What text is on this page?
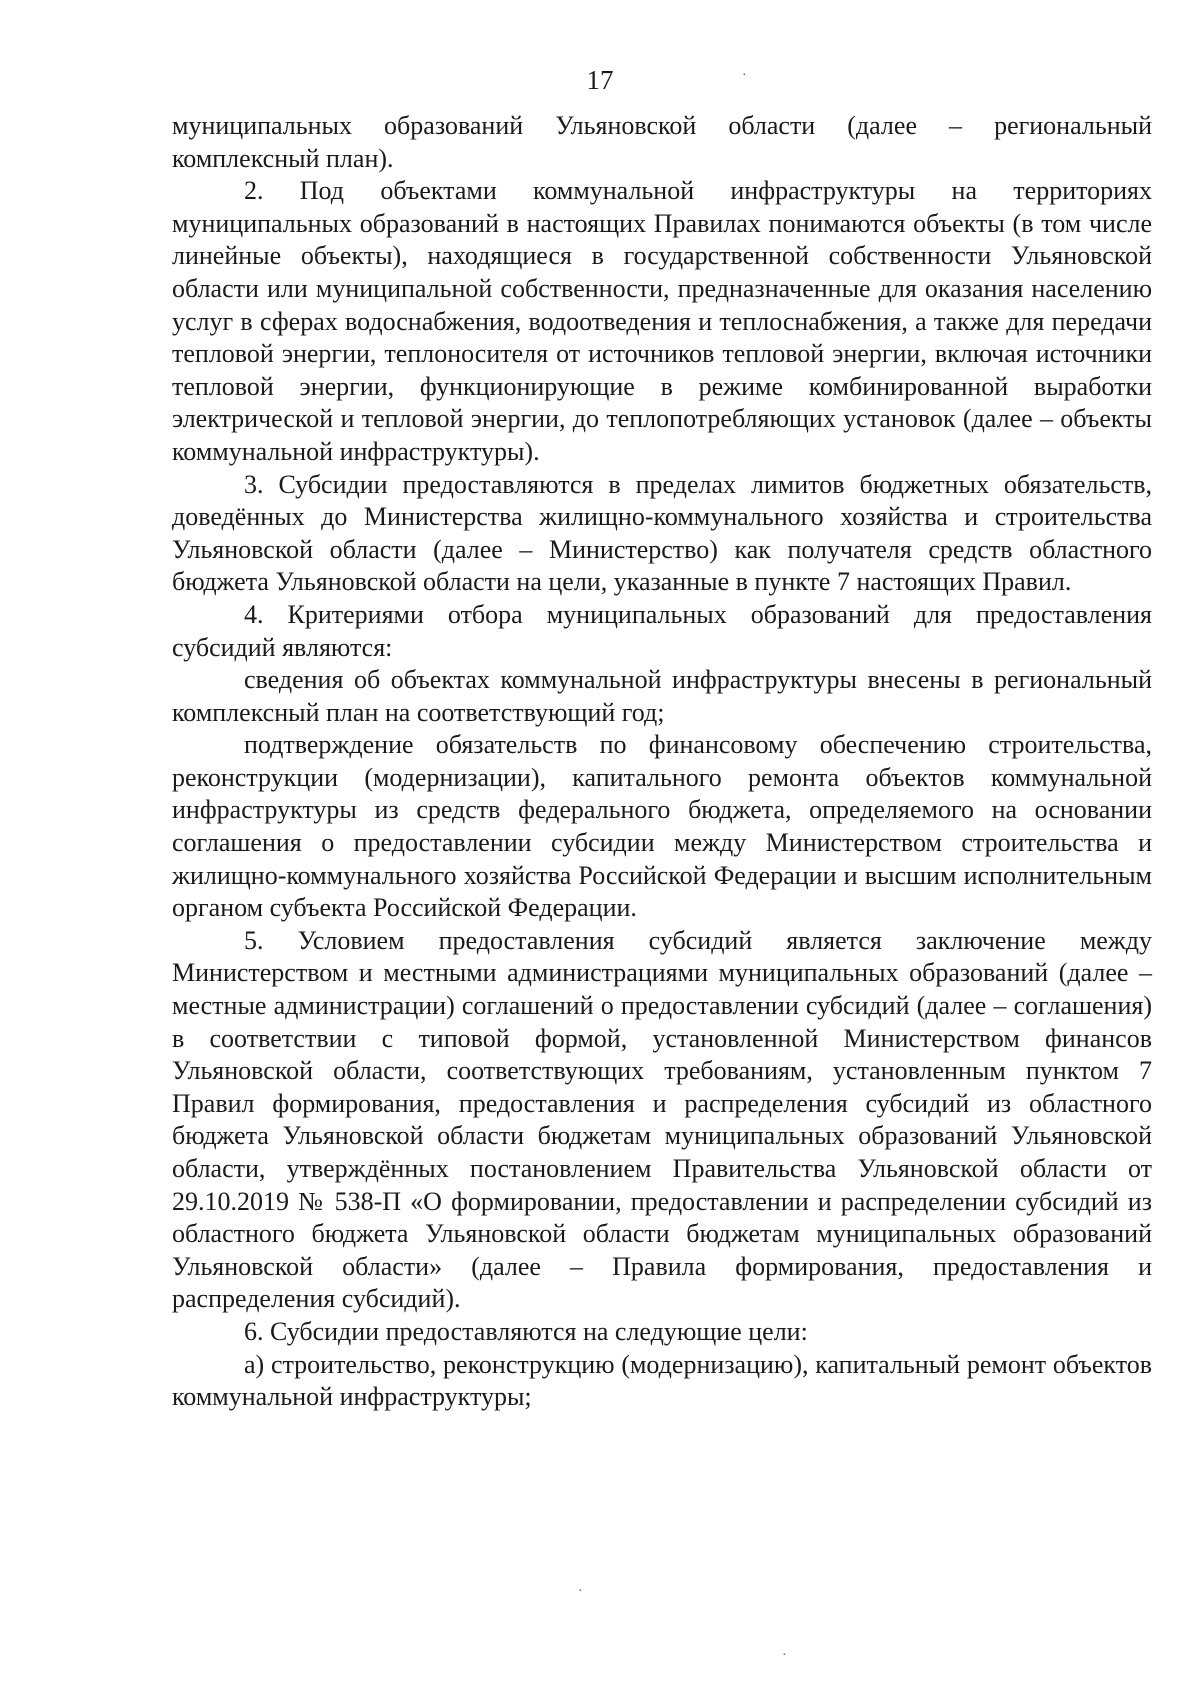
17

муниципальных образований Ульяновской области (далее – региональный комплексный план).

2. Под объектами коммунальной инфраструктуры на территориях муниципальных образований в настоящих Правилах понимаются объекты (в том числе линейные объекты), находящиеся в государственной собственности Ульяновской области или муниципальной собственности, предназначенные для оказания населению услуг в сферах водоснабжения, водоотведения и теплоснабжения, а также для передачи тепловой энергии, теплоносителя от источников тепловой энергии, включая источники тепловой энергии, функционирующие в режиме комбинированной выработки электрической и тепловой энергии, до теплопотребляющих установок (далее – объекты коммунальной инфраструктуры).

3. Субсидии предоставляются в пределах лимитов бюджетных обязательств, доведённых до Министерства жилищно-коммунального хозяйства и строительства Ульяновской области (далее – Министерство) как получателя средств областного бюджета Ульяновской области на цели, указанные в пункте 7 настоящих Правил.

4. Критериями отбора муниципальных образований для предоставления субсидий являются:

сведения об объектах коммунальной инфраструктуры внесены в региональный комплексный план на соответствующий год;

подтверждение обязательств по финансовому обеспечению строительства, реконструкции (модернизации), капитального ремонта объектов коммунальной инфраструктуры из средств федерального бюджета, определяемого на основании соглашения о предоставлении субсидии между Министерством строительства и жилищно-коммунального хозяйства Российской Федерации и высшим исполнительным органом субъекта Российской Федерации.

5. Условием предоставления субсидий является заключение между Министерством и местными администрациями муниципальных образований (далее – местные администрации) соглашений о предоставлении субсидий (далее – соглашения) в соответствии с типовой формой, установленной Министерством финансов Ульяновской области, соответствующих требованиям, установленным пунктом 7 Правил формирования, предоставления и распределения субсидий из областного бюджета Ульяновской области бюджетам муниципальных образований Ульяновской области, утверждённых постановлением Правительства Ульяновской области от 29.10.2019 № 538-П «О формировании, предоставлении и распределении субсидий из областного бюджета Ульяновской области бюджетам муниципальных образований Ульяновской области» (далее – Правила формирования, предоставления и распределения субсидий).

6. Субсидии предоставляются на следующие цели:

а) строительство, реконструкцию (модернизацию), капитальный ремонт объектов коммунальной инфраструктуры;

·
·
·
